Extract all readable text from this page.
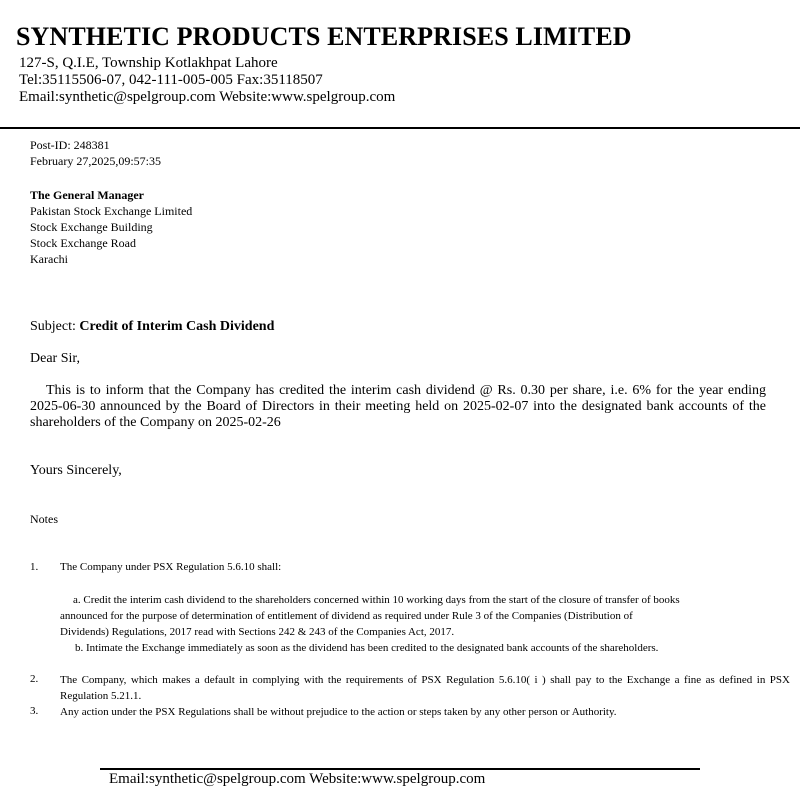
SYNTHETIC PRODUCTS ENTERPRISES LIMITED
127-S, Q.I.E, Township Kotlakhpat Lahore
Tel:35115506-07, 042-111-005-005 Fax:35118507
Email:synthetic@spelgroup.com Website:www.spelgroup.com
Post-ID: 248381
February 27,2025,09:57:35
The General Manager
Pakistan Stock Exchange Limited
Stock Exchange Building
Stock Exchange Road
Karachi
Subject: Credit of Interim Cash Dividend
Dear Sir,
This is to inform that the Company has credited the interim cash dividend @ Rs. 0.30 per share, i.e. 6% for the year ending 2025-06-30 announced by the Board of Directors in their meeting held on 2025-02-07 into the designated bank accounts of the shareholders of the Company on 2025-02-26
Yours Sincerely,
Notes
1. The Company under PSX Regulation 5.6.10 shall:
a. Credit the interim cash dividend to the shareholders concerned within 10 working days from the start of the closure of transfer of books
announced for the purpose of determination of entitlement of dividend as required under Rule 3 of the Companies (Distribution of
Dividends) Regulations, 2017 read with Sections 242 & 243 of the Companies Act, 2017.
b. Intimate the Exchange immediately as soon as the dividend has been credited to the designated bank accounts of the shareholders.
2. The Company, which makes a default in complying with the requirements of PSX Regulation 5.6.10( i ) shall pay to the Exchange a fine as defined in PSX Regulation 5.21.1.
3. Any action under the PSX Regulations shall be without prejudice to the action or steps taken by any other person or Authority.
Email:synthetic@spelgroup.com Website:www.spelgroup.com
